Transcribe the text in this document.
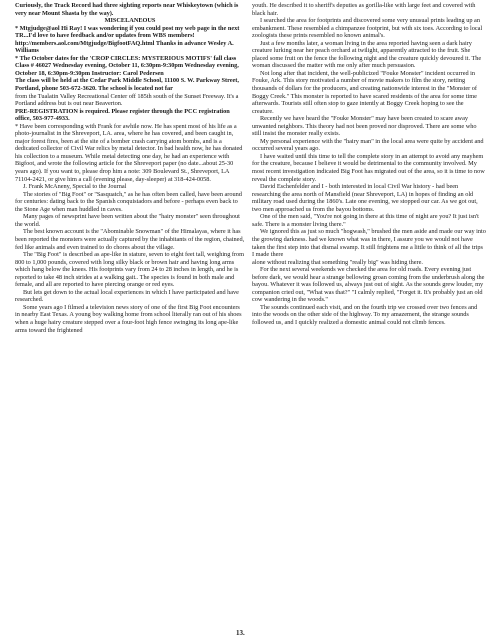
Curiously, the Track Record had three sighting reports near Whiskeytown (which is very near Mount Shasta by the way).

MISCELANEOUS

* Mtgjudge@aol Hi Ray! I was wondering if you could post my web page in the next TR...I'd love to have feedback and/or updates from WBS members! http://members.aol.com/Mtgjudge/BigfootFAQ.html Thanks in advance Wesley A. Williams

* The October dates for the 'CROP CIRCLES: MYSTERIOUS MOTIFS' fall class Class # 46027 Wednesday evening, October 11, 6:30pm-9:30pm Wednesday evening, October 18, 6:30pm-9:30pm Instructor: Carol Pedersen

The class will be held at the Cedar Park Middle School, 11100 S. W. Parkway Street, Portland, phone 503-672-3620. The school is located not far

from the Tualatin Valley Recreational Center off 185th south of the Sunset Freeway. It's a Portland address but is out near Beaverton.

PRE-REGISTRATION is required. Please register through the PCC registration office, 503-977-4933.

* Have been corresponding with Frank for awhile now. He has spent most of his life as a photo-journalist in the Shreveport, LA. area, where he has covered, and been caught in, major forest fires, been at the site of a bomber crash carrying atom bombs, and is a dedicated collector of Civil War relics by metal detector. In bad health now, he has donated his collection to a museum. While metal detecting one day, he had an experience with Bigfoot, and wrote the following article for the Shreveport paper (no date...about 25-30 years ago). If you want to, please drop him a note: 309 Boulevard St., Shreveport, LA 71104-2421, or give him a call (evening please, day-sleeper) at 318-424-0058.

J. Frank McAneny, Special to the Journal

The stories of "Big Foot" or "Sasquatch," as he has often been called, have been around for centuries: dating back to the Spanish conquistadors and before - perhaps even back to the Stone Age when man huddled in caves.

Many pages of newsprint have been written about the "hairy monster" seen throughout the world.

The best known account is the "Abominable Snowman" of the Himalayas, where it has been reported the monsters were actually captured by the inhabitants of the region, chained, fed like animals and even trained to do chores about the village.

The "Big Foot" is described as ape-like in stature, seven to eight feet tall, weighing from 800 to 1,000 pounds, covered with long silky black or brown hair and having long arms which hang below the knees. His footprints vary from 24 to 28 inches in length, and he is reported to take 48 inch strides at a walking gait.. The species is found in both male and female, and all are reported to have piercing orange or red eyes.

But lets get down to the actual local experiences in which I have participated and have researched.

Some years ago I filmed a television news story of one of the first Big Foot encounters in nearby East Texas. A young boy walking home from school literally ran out of his shoes when a huge hairy creature stepped over a four-foot high fence swinging its long ape-like arms toward the frightened

youth. He described it to sheriff's deputies as gorilla-like with large feet and covered with black hair.

I searched the area for footprints and discovered some very unusual prints leading up an embankment. These resembled a chimpanzee footprint, but with six toes. According to local zoologists these prints resembled no known animal's.

Just a few months later, a woman living in the area reported having seen a dark hairy creature lurking near her peach orchard at twilight, apparently attracted to the fruit. She placed some fruit on the fence the following night and the creature quickly devoured it. The woman discussed the matter with me only after much persuasion.

Not long after that incident, the well-publicized "Fouke Monster" incident occurred in Fouke, Ark. This story motivated a number of movie makers to film the story, netting thousands of dollars for the producers, and creating nationwide interest in the "Monster of Boggy Creek." This monster is reported to have scared residents of the area for some time afterwards. Tourists still often stop to gaze intently at Boggy Creek hoping to see the creature.

Recently we have heard the "Fouke Monster" may have been created to scare away unwanted neighbors. This theory had not been proved nor disproved. There are some who still insist the monster really exists.

My personal experience with the "hairy man" in the local area were quite by accident and occurred several years ago.

I have waited until this time to tell the complete story in an attempt to avoid any mayhem for the creature, because I believe it would be detrimental to the community involved. My most recent investigation indicated Big Foot has migrated out of the area, so it is time to now reveal the complete story.

David Eschenfelder and I - both interested in local Civil War history - had been researching the area north of Mansfield (near Shreveport, LA) in hopes of finding an old military road used during the 1860's. Late one evening, we stopped our car. As we got out, two men approached us from the bayou bottoms.

One of the men said, "You're not going in there at this time of night are you? It just isn't safe. There is a monster living there."

We ignored this as just so much "hogwash," brushed the men aside and made our way into the growing darkness. had we known what was in there, I assure you we would not have taken the first step into that dismal swamp. It still frightens me a little to think of all the trips I made there

alone without realizing that something "really big" was hiding there.

For the next several weekends we checked the area for old roads. Every evening just before dark, we would hear a strange bellowing groan coming from the underbrush along the bayou. Whatever it was followed us, always just out of sight. As the sounds grew louder, my companion cried out, "What was that?" "I calmly replied, "Forget it. It's probably just an old cow wandering in the woods."

The sounds continued each visit, and on the fourth trip we crossed over two fences and into the woods on the other side of the highway. To my amazement, the strange sounds followed us, and I quickly realized a domestic animal could not climb fences.

13.
